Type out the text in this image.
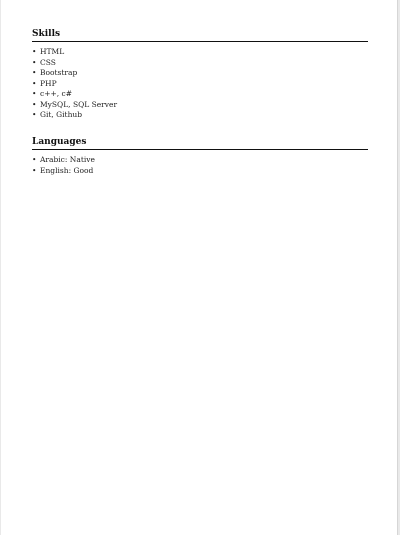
Skills
• HTML
• CSS
• Bootstrap
• PHP
• c++, c#
• MySQL, SQL Server
• Git, Github
Languages
• Arabic: Native
• English: Good
